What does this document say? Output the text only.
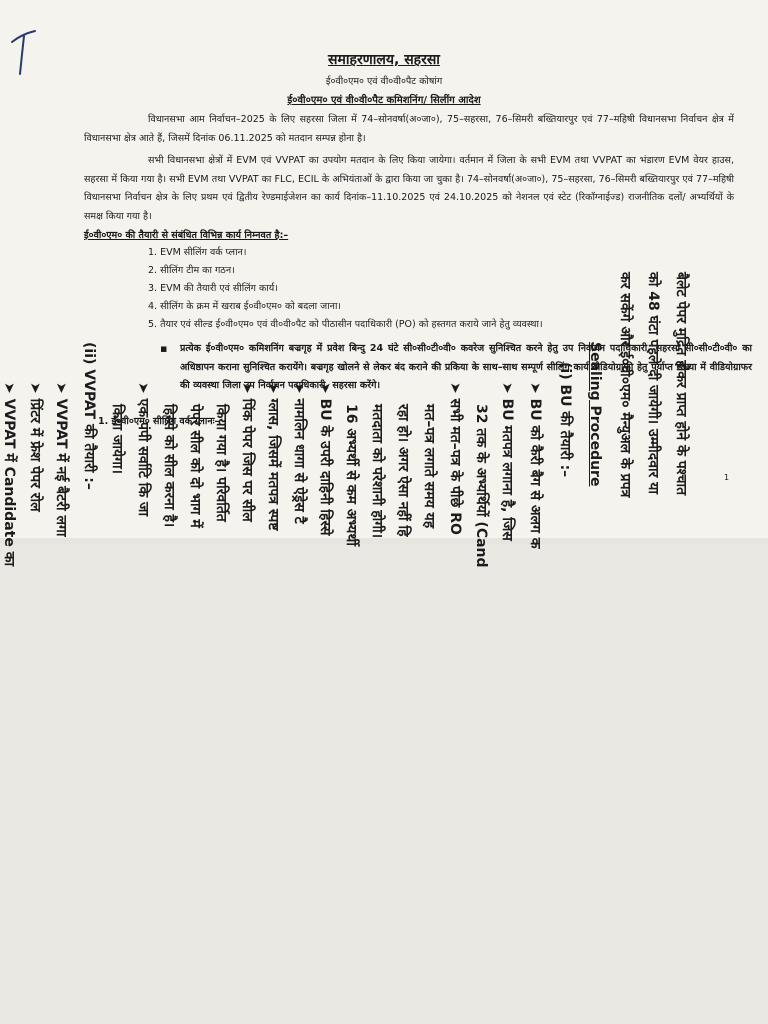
समाहरणालय, सहरसा
ई०वी०एम० एवं वी०वी०पैट कोषांग
ई०वी०एम० एवं वी०वी०पैट कमिशनिंग/ सिलींग आदेश

विधानसभा आम निर्वाचन–2025 के लिए सहरसा जिला में 74–सोनवर्षा(अ०जा०), 75–सहरसा, 76–सिमरी बख्तियारपुर एवं 77–महिषी विधानसभा निर्वाचन क्षेत्र में विधानसभा क्षेत्र आते हैं, जिसमें दिनांक 06.11.2025 को मतदान सम्पन्न होना है।

सभी विधानसभा क्षेत्रों में EVM एवं VVPAT का उपयोग मतदान के लिए किया जायेगा। वर्तमान में जिला के सभी EVM तथा VVPAT का भंडारण EVM वेयर हाउस, सहरसा में किया गया है। सभी EVM तथा VVPAT का FLC, ECIL के अभियंताओं के द्वारा किया जा चुका है। 74–सोनवर्षा(अ०जा०), 75–सहरसा, 76–सिमरी बख्तियारपुर एवं 77–महिषी विधानसभा निर्वाचन क्षेत्र के लिए प्रथम एवं द्वितीय रेण्डमाईजेशन का कार्य दिनांक–11.10.2025 एवं 24.10.2025 को नेशनल एवं स्टेट (रिकॉग्नाईज्ड) राजनीतिक दलों/ अभ्यर्थियों के समक्ष किया गया है।

ई०वी०एम० की तैयारी से संबंधित विभिन्न कार्य निम्नवत है:–

1. EVM सीलिंग वर्क प्लान।
2. सीलिंग टीम का गठन।
3. EVM की तैयारी एवं सीलिंग कार्य।
4. सीलिंग के क्रम में खराब ई०वी०एम० को बदला जाना।
5. तैयार एवं सील्ड ई०वी०एम० एवं वी०वी०पैट को पीठासीन पदाधिकारी (PO) को हस्तगत कराये जाने हेतु व्यवस्था।
▪ प्रत्येक ई०वी०एम० कमिशनिंग बज्रगृह में प्रवेश बिन्दु 24 घंटे सी०सी०टी०वी० कवरेज सुनिश्चित करने हेतु उप निर्वाचन पदाधिकारी, सहरसा सी०सी०टी०वी० का अधिष्ठापन कराना सुनिश्चित करायेंगे। बज्रगृह खोलने से लेकर बंद कराने की प्रकिया के साथ–साथ सम्पूर्ण सीलिंग कार्य वीडियोग्राफी हेतु पर्याप्त संख्या में वीडियोग्राफर की व्यवस्था जिला उप निर्वाचन पदाधिकारी, सहरसा करेंगे।
1. ई०वी०एम० सीलिंग वर्क प्लानः–
1
बैलेट पेपर मुद्रित होकर प्राप्त होने के पश्चात
को 48 घंटा पहले दी जायेगी। उम्मीदवार या
कर सकेंगे और ई०वी०एम० मैन्युअल के प्रपत्र
Sealing Procedure
(i) BU की तैयारी :–
➤ BU को कैरी बैग से अलग क
➤ BU मतपत्र लगाना है, जिस
32 तक के अभ्यर्थियों (Cand
➤ सभी मत–पत्र के पीछे RO
मत–पत्र लगाते समय यह
रहा हो। अगर ऐसा नहीं हि
मतदाता को परेशानी होगी।
16 अभ्यर्थी से कम अभ्यर्थी
➤ BU के उपरी दाहिनी हिस्से
➤ नामलिन धागा से ऐड्रेस टै
➤ ग्लास, जिसमें मतपत्र स्पष्ट
➤ पिंक पेपर जिस पर सील
किया गया है। परिवर्तित
पेपर सील को दो भाग में
हिस्से को सील करना है।
➤ एक पंपी सर्वाटि कि जा
किया जायेगा।
(ii) VVPAT की तैयारी :–
➤ VVPAT में नई बैटरी लगा
➤ प्रिंटर में फ्रेश पेपर रोल
➤ VVPAT में Candidate का
